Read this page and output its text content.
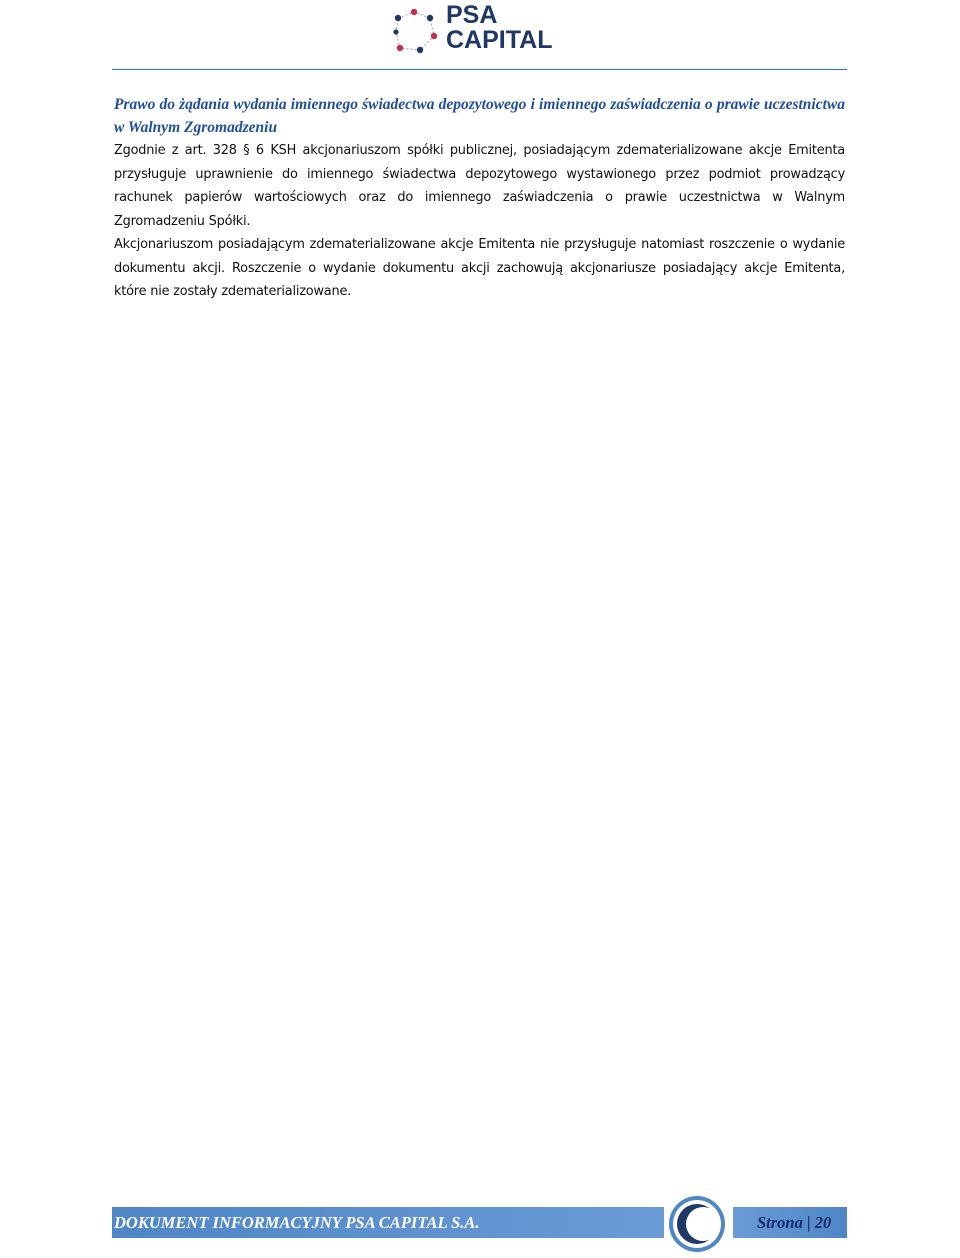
PSA
CAPITAL

Prawo do żądania wydania imiennego świadectwa depozytowego i imiennego zaświadczenia o prawie uczestnictwa w Walnym Zgromadzeniu

Zgodnie z art. 328 § 6 KSH akcjonariuszom spółki publicznej, posiadającym zdematerializowane akcje Emitenta przysługuje uprawnienie do imiennego świadectwa depozytowego wystawionego przez podmiot prowadzący rachunek papierów wartościowych oraz do imiennego zaświadczenia o prawie uczestnictwa w Walnym Zgromadzeniu Spółki.

Akcjonariuszom posiadającym zdematerializowane akcje Emitenta nie przysługuje natomiast roszczenie o wydanie dokumentu akcji. Roszczenie o wydanie dokumentu akcji zachowują akcjonariusze posiadający akcje Emitenta, które nie zostały zdematerializowane.

DOKUMENT INFORMACYJNY PSA CAPITAL S.A.	Strona | 20
